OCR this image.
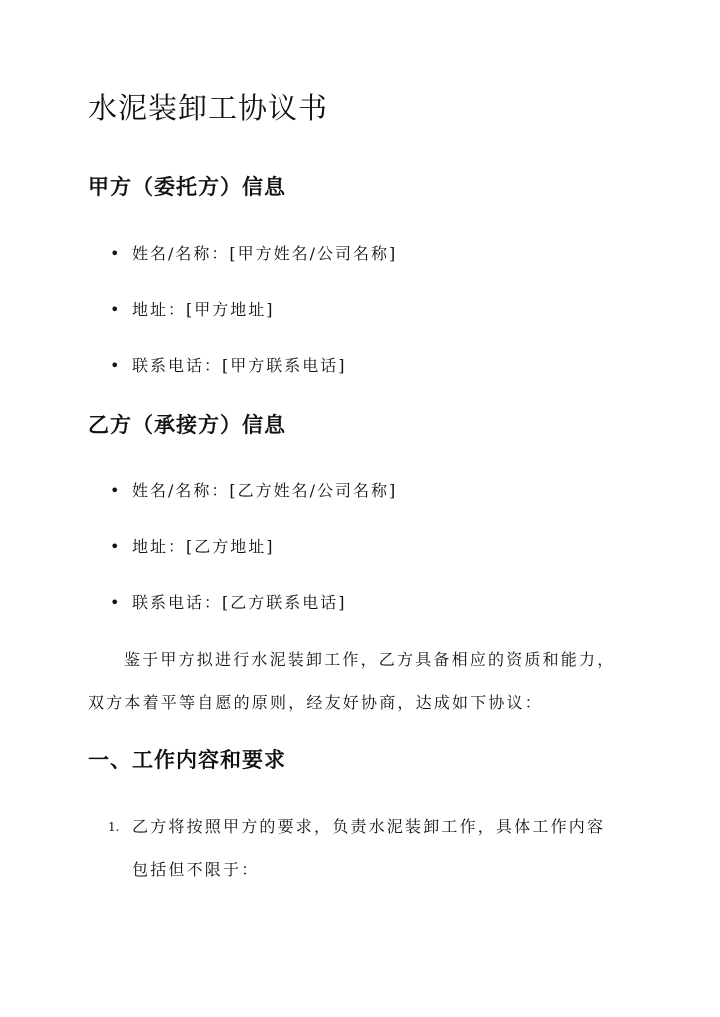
水泥装卸工协议书
甲方（委托方）信息
• 姓名/名称：[甲方姓名/公司名称]
• 地址：[甲方地址]
• 联系电话：[甲方联系电话]
乙方（承接方）信息
• 姓名/名称：[乙方姓名/公司名称]
• 地址：[乙方地址]
• 联系电话：[乙方联系电话]
鉴于甲方拟进行水泥装卸工作，乙方具备相应的资质和能力，
双方本着平等自愿的原则，经友好协商，达成如下协议：
一、工作内容和要求
1. 乙方将按照甲方的要求，负责水泥装卸工作，具体工作内容
包括但不限于：
